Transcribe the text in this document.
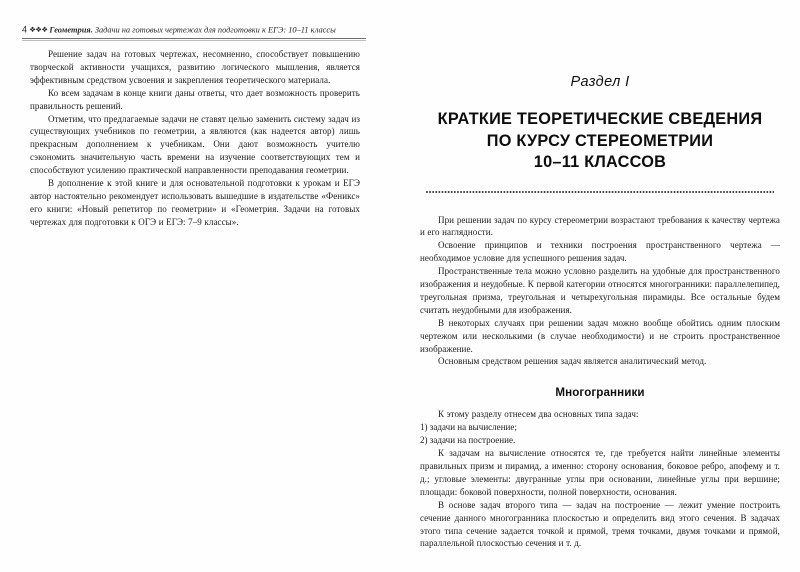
4 ❖❖❖ Геометрия. Задачи на готовых чертежах для подготовки к ЕГЭ: 10–11 классы

Решение задач на готовых чертежах, несомненно, способствует повышению творческой активности учащихся, развитию логического мышления, является эффективным средством усвоения и закрепления теоретического материала.

Ко всем задачам в конце книги даны ответы, что дает возможность проверить правильность решений.

Отметим, что предлагаемые задачи не ставят целью заменить систему задач из существующих учебников по геометрии, а являются (как надеется автор) лишь прекрасным дополнением к учебникам. Они дают возможность учителю сэкономить значительную часть времени на изучение соответствующих тем и способствуют усилению практической направленности преподавания геометрии.

В дополнение к этой книге и для основательной подготовки к урокам и ЕГЭ автор настоятельно рекомендует использовать вышедшие в издательстве «Феникс» его книги: «Новый репетитор по геометрии» и «Геометрия. Задачи на готовых чертежах для подготовки к ОГЭ и ЕГЭ: 7–9 классы».

Раздел I

КРАТКИЕ ТЕОРЕТИЧЕСКИЕ СВЕДЕНИЯ
ПО КУРСУ СТЕРЕОМЕТРИИ
10–11 КЛАССОВ

При решении задач по курсу стереометрии возрастают требования к качеству чертежа и его наглядности.

Освоение принципов и техники построения пространственного чертежа — необходимое условие для успешного решения задач.

Пространственные тела можно условно разделить на удобные для пространственного изображения и неудобные. К первой категории относятся многогранники: параллелепипед, треугольная призма, треугольная и четырехугольная пирамиды. Все остальные будем считать неудобными для изображения.

В некоторых случаях при решении задач можно вообще обойтись одним плоским чертежом или несколькими (в случае необходимости) и не строить пространственное изображение.

Основным средством решения задач является аналитический метод.

Многогранники

К этому разделу отнесем два основных типа задач:

1) задачи на вычисление;

2) задачи на построение.

К задачам на вычисление относятся те, где требуется найти линейные элементы правильных призм и пирамид, а именно: сторону основания, боковое ребро, апофему и т. д.; угловые элементы: двугранные углы при основании, линейные углы при вершине; площади: боковой поверхности, полной поверхности, основания.

В основе задач второго типа — задач на построение — лежит умение построить сечение данного многогранника плоскостью и определить вид этого сечения. В задачах этого типа сечение задается точкой и прямой, тремя точками, двумя точками и прямой, параллельной плоскостью сечения и т. д.
